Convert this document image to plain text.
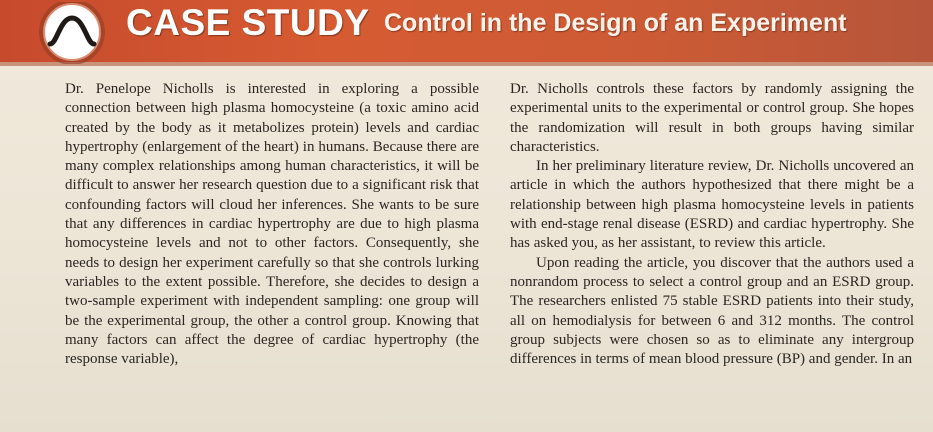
CASE STUDY Control in the Design of an Experiment

Dr. Penelope Nicholls is interested in exploring a possible connection between high plasma homocysteine (a toxic amino acid created by the body as it metabolizes protein) levels and cardiac hypertrophy (enlargement of the heart) in humans. Because there are many complex relationships among human characteristics, it will be difficult to answer her research question due to a significant risk that confounding factors will cloud her inferences. She wants to be sure that any differences in cardiac hypertrophy are due to high plasma homocysteine levels and not to other factors. Consequently, she needs to design her experiment carefully so that she controls lurking variables to the extent possible. Therefore, she decides to design a two-sample experiment with independent sampling: one group will be the experimental group, the other a control group. Knowing that many factors can affect the degree of cardiac hypertrophy (the response variable),

Dr. Nicholls controls these factors by randomly assigning the experimental units to the experimental or control group. She hopes the randomization will result in both groups having similar characteristics.

In her preliminary literature review, Dr. Nicholls uncovered an article in which the authors hypothesized that there might be a relationship between high plasma homocysteine levels in patients with end-stage renal disease (ESRD) and cardiac hypertrophy. She has asked you, as her assistant, to review this article.

Upon reading the article, you discover that the authors used a nonrandom process to select a control group and an ESRD group. The researchers enlisted 75 stable ESRD patients into their study, all on hemodialysis for between 6 and 312 months. The control group subjects were chosen so as to eliminate any intergroup differences in terms of mean blood pressure (BP) and gender. In an
